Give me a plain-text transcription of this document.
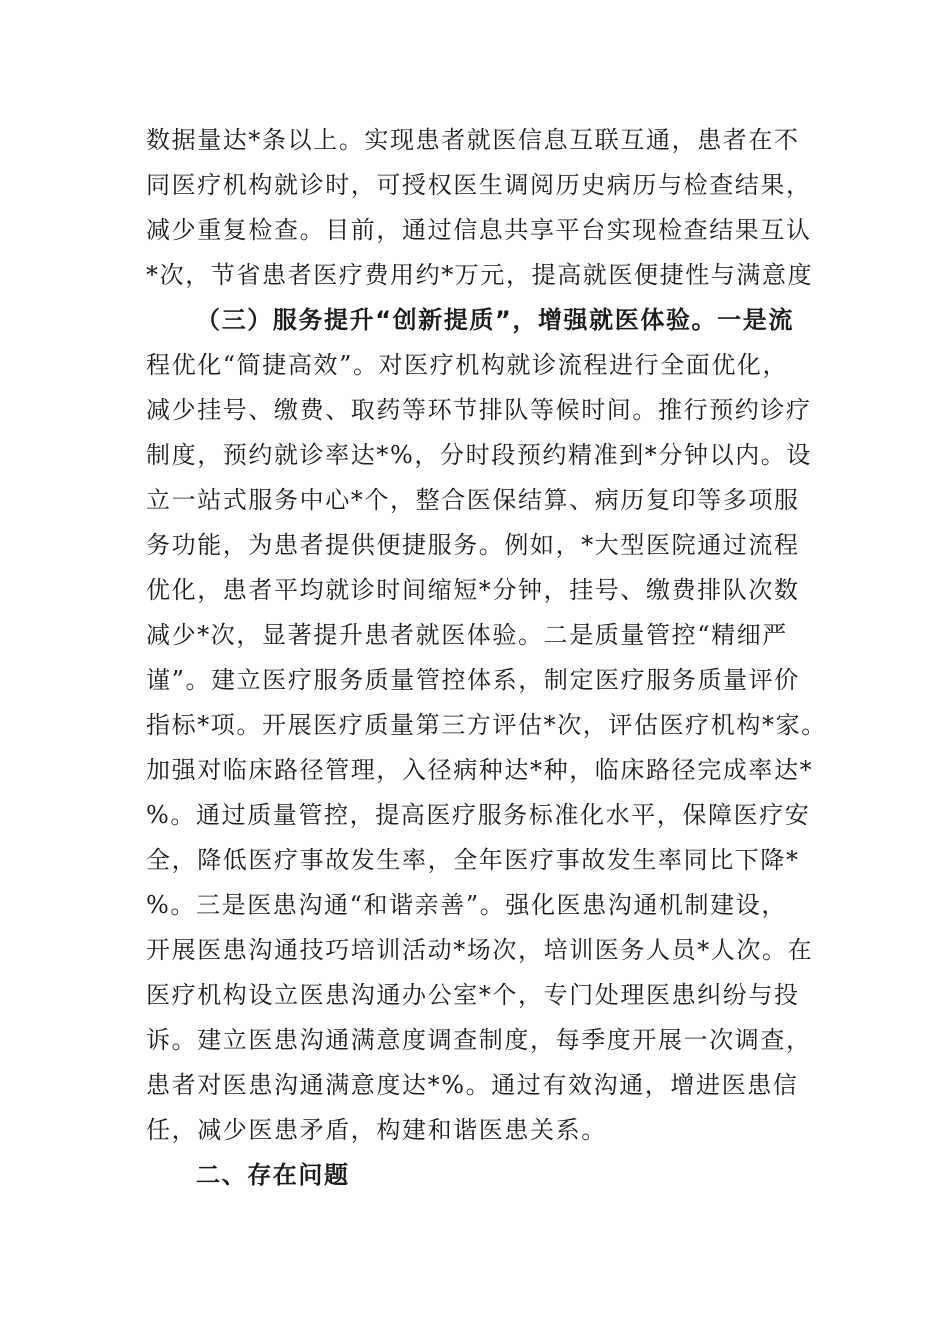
数据量达*条以上。实现患者就医信息互联互通，患者在不
同医疗机构就诊时，可授权医生调阅历史病历与检查结果，
减少重复检查。目前，通过信息共享平台实现检查结果互认
*次，节省患者医疗费用约*万元，提高就医便捷性与满意度
（三）服务提升“创新提质”，增强就医体验。一是流
程优化“简捷高效”。对医疗机构就诊流程进行全面优化，
减少挂号、缴费、取药等环节排队等候时间。推行预约诊疗
制度，预约就诊率达*%，分时段预约精准到*分钟以内。设
立一站式服务中心*个，整合医保结算、病历复印等多项服
务功能，为患者提供便捷服务。例如，*大型医院通过流程
优化，患者平均就诊时间缩短*分钟，挂号、缴费排队次数
减少*次，显著提升患者就医体验。二是质量管控“精细严
谨”。建立医疗服务质量管控体系，制定医疗服务质量评价
指标*项。开展医疗质量第三方评估*次，评估医疗机构*家。
加强对临床路径管理，入径病种达*种，临床路径完成率达*
%。通过质量管控，提高医疗服务标准化水平，保障医疗安
全，降低医疗事故发生率，全年医疗事故发生率同比下降*
%。三是医患沟通“和谐亲善”。强化医患沟通机制建设，
开展医患沟通技巧培训活动*场次，培训医务人员*人次。在
医疗机构设立医患沟通办公室*个，专门处理医患纠纷与投
诉。建立医患沟通满意度调查制度，每季度开展一次调查，
患者对医患沟通满意度达*%。通过有效沟通，增进医患信
任，减少医患矛盾，构建和谐医患关系。
二、存在问题
